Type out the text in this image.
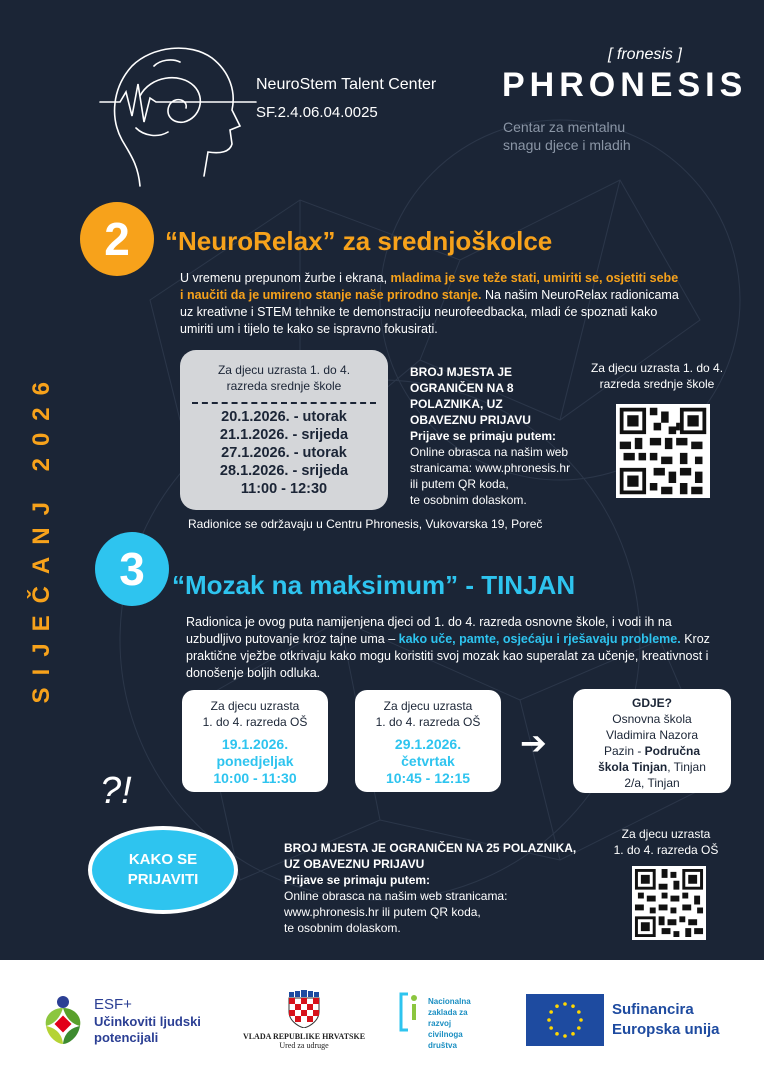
NeuroStem Talent Center
SF.2.4.06.04.0025
[ fronesis ]
PHRONESIS
Centar za mentalnu
snagu djece i mladih
SIJEČANJ 2026
2	“NeuroRelax” za srednjoškolce
U vremenu prepunom žurbe i ekrana, mladima je sve teže stati, umiriti se, osjetiti sebe i naučiti da je umireno stanje naše prirodno stanje. Na našim NeuroRelax radionicama uz kreativne i STEM tehnike te demonstraciju neurofeedbacka, mladi će spoznati kako umiriti um i tijelo te kako se ispravno fokusirati.
Za djecu uzrasta 1. do 4.
razreda srednje škole
20.1.2026. - utorak
21.1.2026. - srijeda
27.1.2026. - utorak
28.1.2026. - srijeda
11:00 - 12:30
BROJ MJESTA JE
OGRANIČEN NA 8
POLAZNIKA, UZ
OBAVEZNU PRIJAVU
Prijave se primaju putem:
Online obrasca na našim web
stranicama: www.phronesis.hr
ili putem QR koda,
te osobnim dolaskom.
Za djecu uzrasta 1. do 4.
razreda srednje škole
Radionice se održavaju u Centru Phronesis, Vukovarska 19, Poreč
3	“Mozak na maksimum” - TINJAN
Radionica je ovog puta namijenjena djeci od 1. do 4. razreda osnovne škole, i vodi ih na uzbudljivo putovanje kroz tajne uma – kako uče, pamte, osjećaju i rješavaju probleme. Kroz praktične vježbe otkrivaju kako mogu koristiti svoj mozak kao superalat za učenje, kreativnost i donošenje boljih odluka.
Za djecu uzrasta
1. do 4. razreda OŠ
19.1.2026.
ponedjeljak
10:00 - 11:30
Za djecu uzrasta
1. do 4. razreda OŠ
29.1.2026.
četvrtak
10:45 - 12:15
➔
GDJE?
Osnovna škola
Vladimira Nazora
Pazin - Područna
škola Tinjan, Tinjan
2/a, Tinjan
?!
KAKO SE
PRIJAVITI
BROJ MJESTA JE OGRANIČEN NA 25 POLAZNIKA,
UZ OBAVEZNU PRIJAVU
Prijave se primaju putem:
Online obrasca na našim web stranicama:
www.phronesis.hr ili putem QR koda,
te osobnim dolaskom.
Za djecu uzrasta
1. do 4. razreda OŠ
ESF+
Učinkoviti ljudski
potencijali	VLADA REPUBLIKE HRVATSKE
Ured za udruge
Nacionalna
zaklada za
razvoj
civilnoga
društva
Sufinancira
Europska unija
